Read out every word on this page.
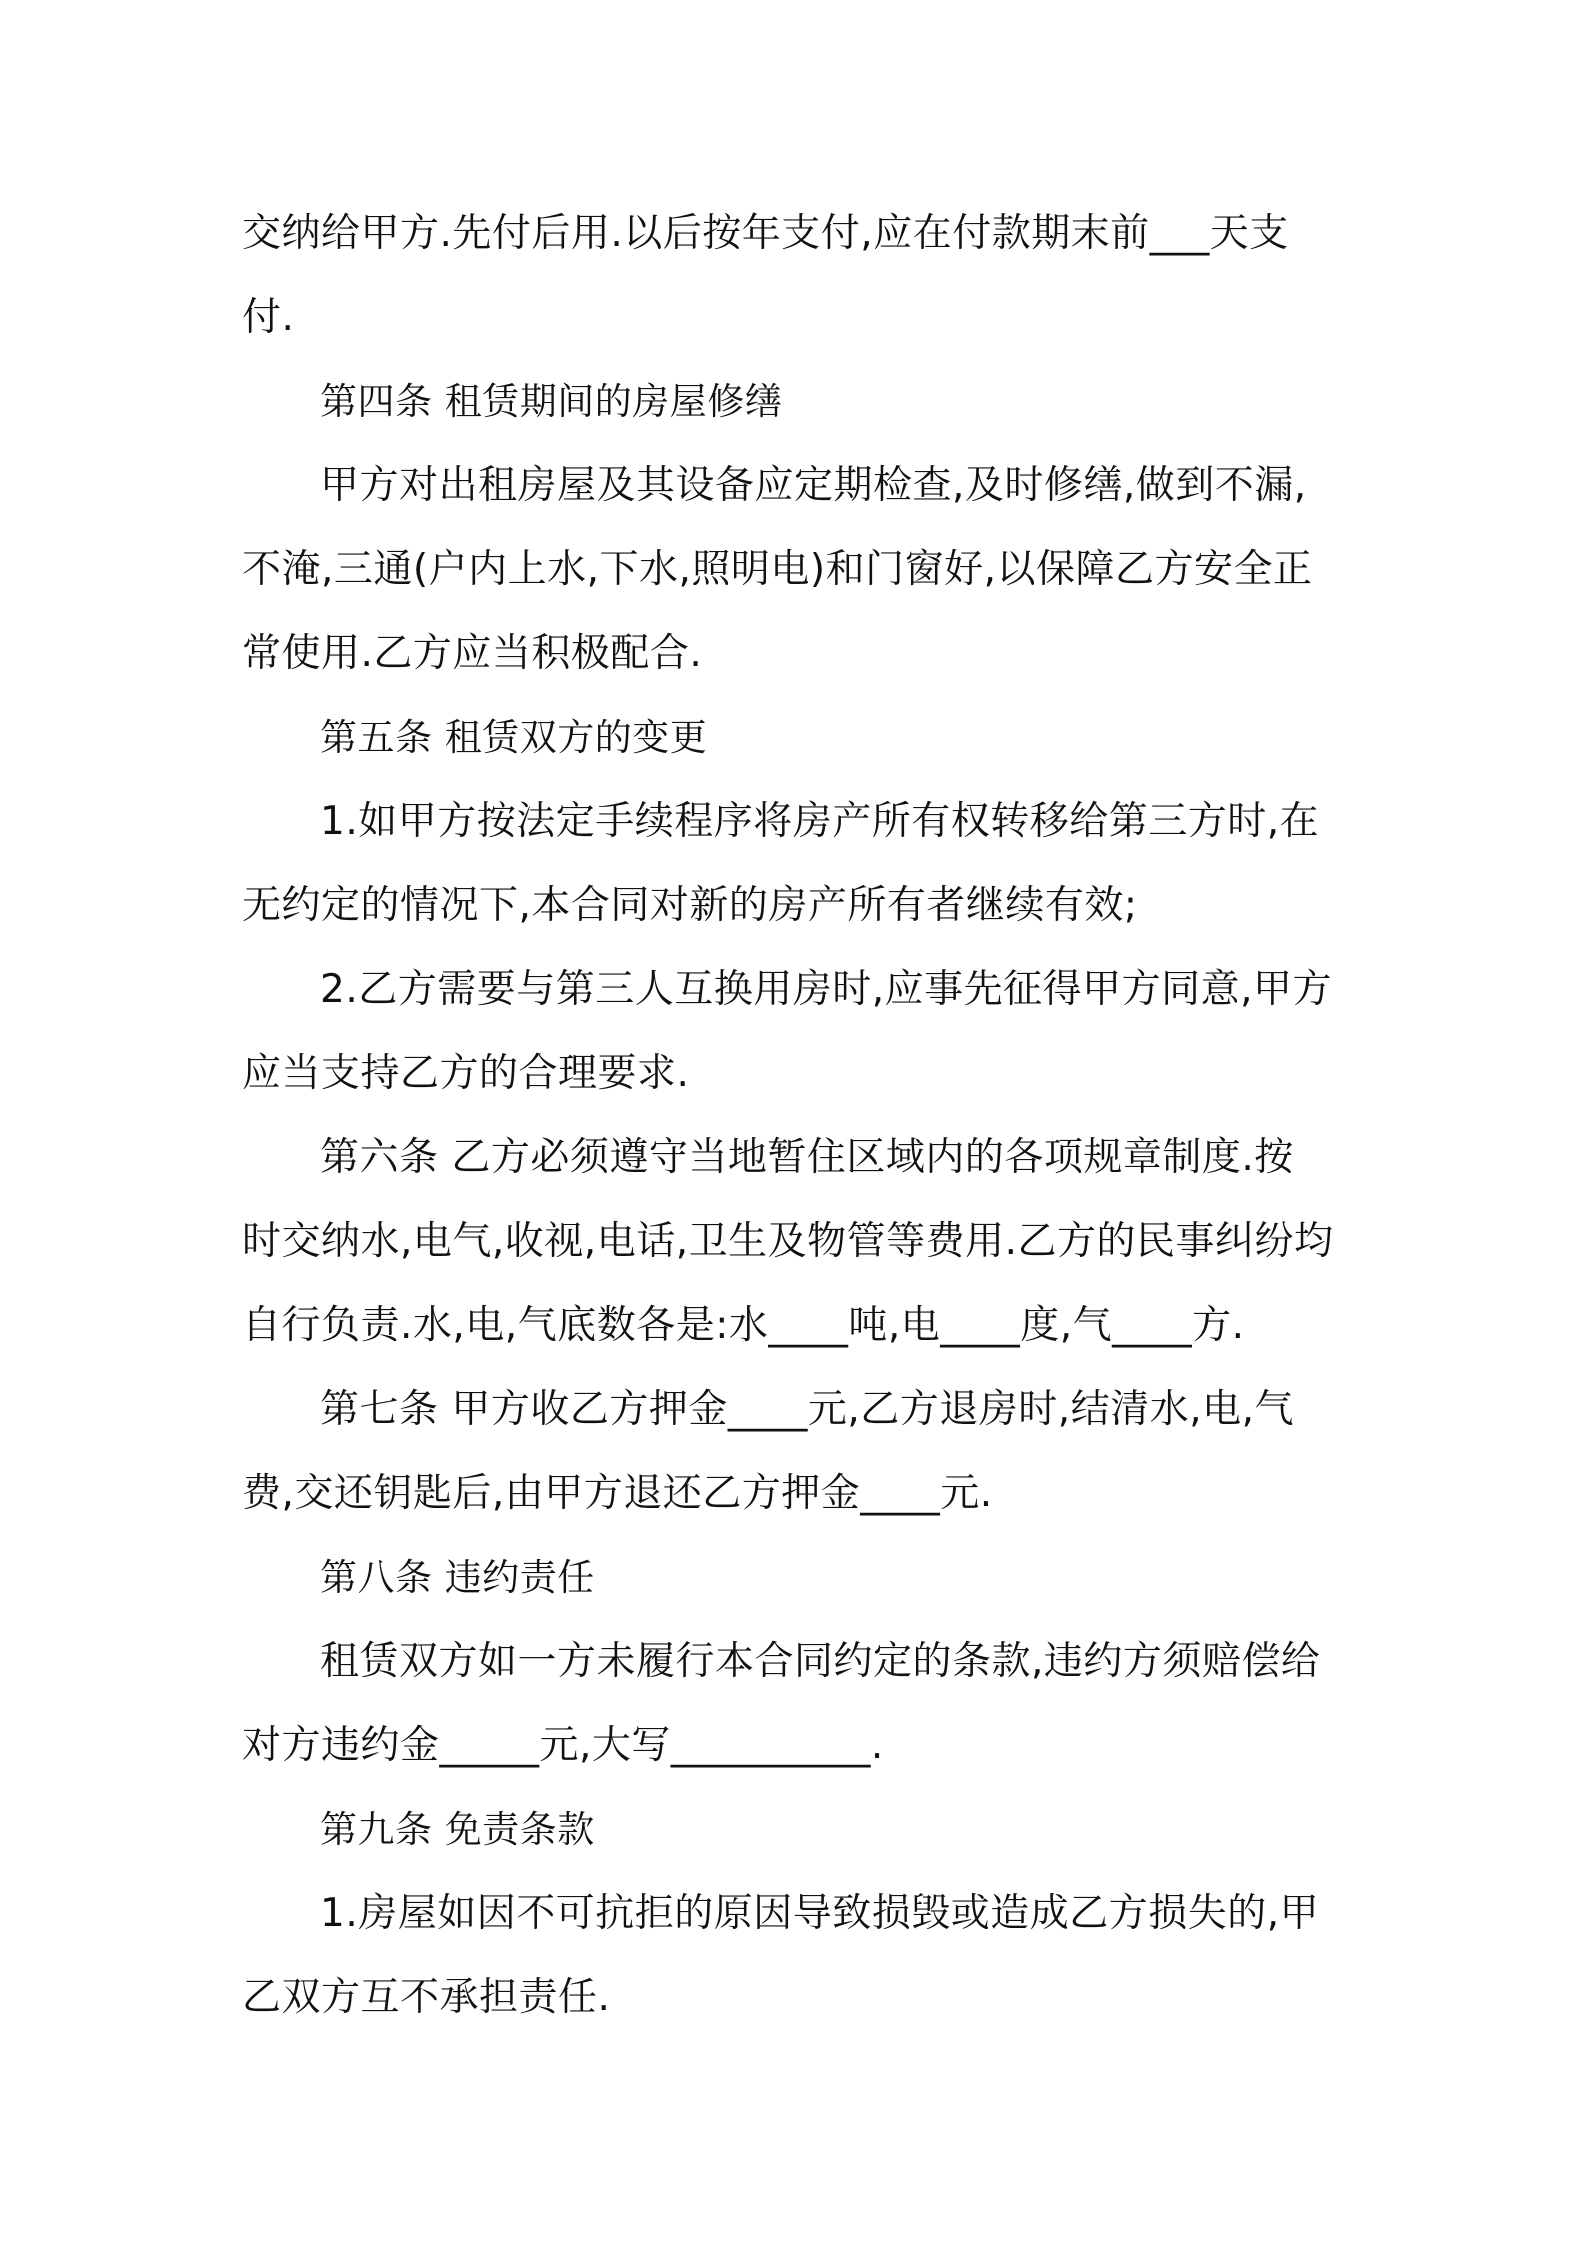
交纳给甲方.先付后用.以后按年支付,应在付款期末前___天支
付.
第四条 租赁期间的房屋修缮
甲方对出租房屋及其设备应定期检查,及时修缮,做到不漏,
不淹,三通(户内上水,下水,照明电)和门窗好,以保障乙方安全正
常使用.乙方应当积极配合.
第五条 租赁双方的变更
1.如甲方按法定手续程序将房产所有权转移给第三方时,在
无约定的情况下,本合同对新的房产所有者继续有效;
2.乙方需要与第三人互换用房时,应事先征得甲方同意,甲方
应当支持乙方的合理要求.
第六条 乙方必须遵守当地暂住区域内的各项规章制度.按
时交纳水,电气,收视,电话,卫生及物管等费用.乙方的民事纠纷均
自行负责.水,电,气底数各是:水____吨,电____度,气____方.
第七条 甲方收乙方押金____元,乙方退房时,结清水,电,气
费,交还钥匙后,由甲方退还乙方押金____元.
第八条 违约责任
租赁双方如一方未履行本合同约定的条款,违约方须赔偿给
对方违约金_____元,大写__________.
第九条 免责条款
1.房屋如因不可抗拒的原因导致损毁或造成乙方损失的,甲
乙双方互不承担责任.
